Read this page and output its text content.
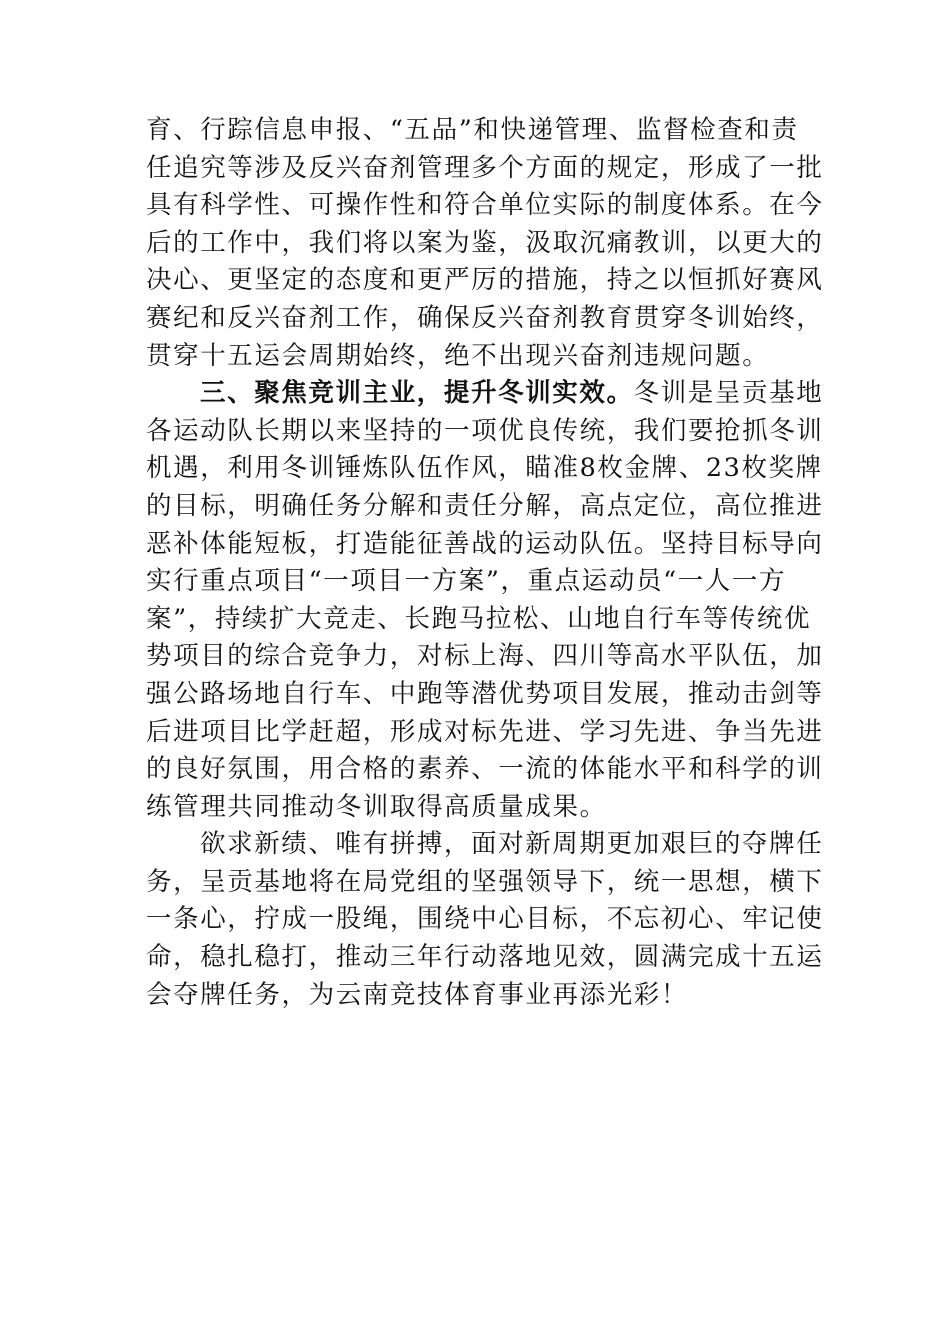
育、行踪信息申报、“五品”和快递管理、监督检查和责
任追究等涉及反兴奋剂管理多个方面的规定，形成了一批
具有科学性、可操作性和符合单位实际的制度体系。在今
后的工作中，我们将以案为鉴，汲取沉痛教训，以更大的
决心、更坚定的态度和更严厉的措施，持之以恒抓好赛风
赛纪和反兴奋剂工作，确保反兴奋剂教育贯穿冬训始终，
贯穿十五运会周期始终，绝不出现兴奋剂违规问题。
三、聚焦竞训主业，提升冬训实效。冬训是呈贡基地
各运动队长期以来坚持的一项优良传统，我们要抢抓冬训
机遇，利用冬训锤炼队伍作风，瞄准8枚金牌、23枚奖牌
的目标，明确任务分解和责任分解，高点定位，高位推进
恶补体能短板，打造能征善战的运动队伍。坚持目标导向
实行重点项目“一项目一方案”，重点运动员“一人一方
案”，持续扩大竞走、长跑马拉松、山地自行车等传统优
势项目的综合竞争力，对标上海、四川等高水平队伍，加
强公路场地自行车、中跑等潜优势项目发展，推动击剑等
后进项目比学赶超，形成对标先进、学习先进、争当先进
的良好氛围，用合格的素养、一流的体能水平和科学的训
练管理共同推动冬训取得高质量成果。
欲求新绩、唯有拼搏，面对新周期更加艰巨的夺牌任
务，呈贡基地将在局党组的坚强领导下，统一思想，横下
一条心，拧成一股绳，围绕中心目标，不忘初心、牢记使
命，稳扎稳打，推动三年行动落地见效，圆满完成十五运
会夺牌任务，为云南竞技体育事业再添光彩！
